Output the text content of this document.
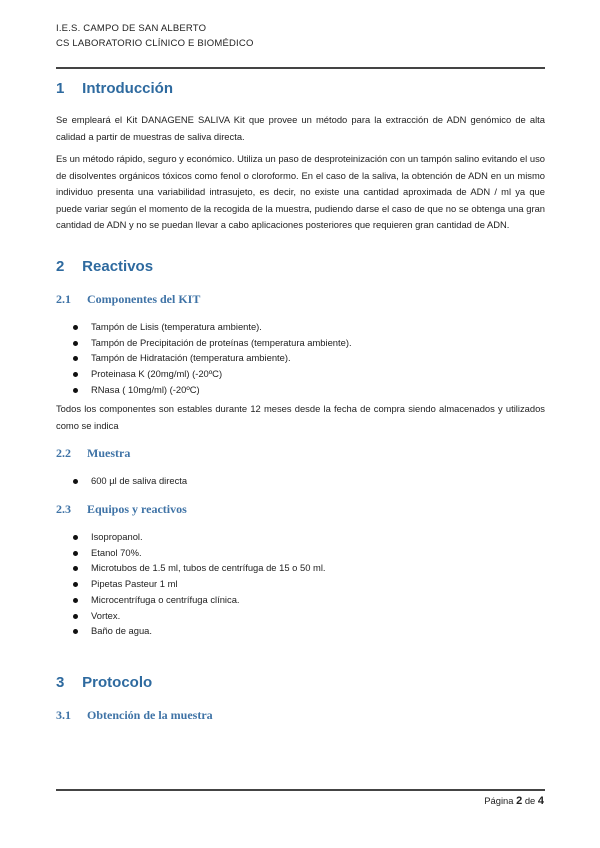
I.E.S. CAMPO DE SAN ALBERTO
CS LABORATORIO CLÍNICO E BIOMÉDICO
1 Introducción
Se empleará el Kit DANAGENE SALIVA Kit que provee un método para la extracción de ADN genómico de alta calidad a partir de muestras de saliva directa.
Es un método rápido, seguro y económico. Utiliza un paso de desproteinización con un tampón salino evitando el uso de disolventes orgánicos tóxicos como fenol o cloroformo. En el caso de la saliva, la obtención de ADN en un mismo individuo presenta una variabilidad intrasujeto, es decir, no existe una cantidad aproximada de ADN / ml ya que puede variar según el momento de la recogida de la muestra, pudiendo darse el caso de que no se obtenga una gran cantidad de ADN y no se puedan llevar a cabo aplicaciones posteriores que requieren gran cantidad de ADN.
2 Reactivos
2.1 Componentes del KIT
Tampón de Lisis (temperatura ambiente).
Tampón de Precipitación de proteínas (temperatura ambiente).
Tampón de Hidratación (temperatura ambiente).
Proteinasa K (20mg/ml) (-20ºC)
RNasa ( 10mg/ml) (-20ºC)
Todos los componentes son estables durante 12 meses desde la fecha de compra siendo almacenados y utilizados como se indica
2.2 Muestra
600 µl de saliva directa
2.3 Equipos y reactivos
Isopropanol.
Etanol 70%.
Microtubos de 1.5 ml, tubos de centrífuga de 15 o 50 ml.
Pipetas Pasteur 1 ml
Microcentrífuga o centrífuga clínica.
Vortex.
Baño de agua.
3 Protocolo
3.1 Obtención de la muestra
Página 2 de 4
